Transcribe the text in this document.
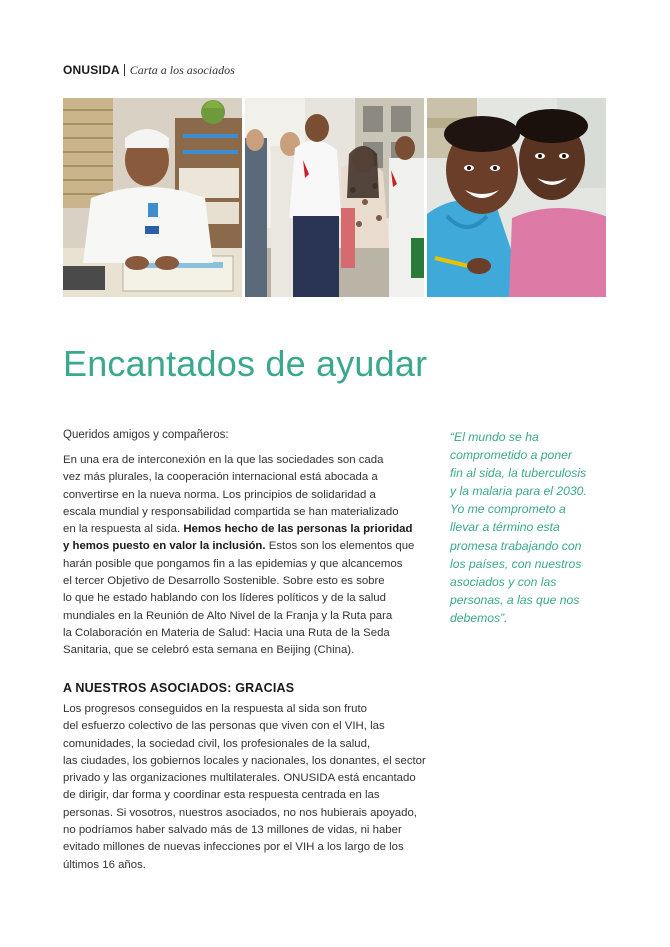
ONUSIDA Carta a los asociados
Encantados de ayudar

Queridos amigos y compañeros:

En una era de interconexión en la que las sociedades son cada
vez más plurales, la cooperación internacional está abocada a
convertirse en la nueva norma. Los principios de solidaridad a
escala mundial y responsabilidad compartida se han materializado
en la respuesta al sida. Hemos hecho de las personas la prioridad
y hemos puesto en valor la inclusión. Estos son los elementos que
harán posible que pongamos fin a las epidemias y que alcancemos
el tercer Objetivo de Desarrollo Sostenible. Sobre esto es sobre
lo que he estado hablando con los líderes políticos y de la salud
mundiales en la Reunión de Alto Nivel de la Franja y la Ruta para
la Colaboración en Materia de Salud: Hacia una Ruta de la Seda
Sanitaria, que se celebró esta semana en Beijing (China).
“El mundo se ha
comprometido a poner
fin al sida, la tuberculosis
y la malaria para el 2030.
Yo me comprometo a
llevar a término esta
promesa trabajando con
los países, con nuestros
asociados y con las
personas, a las que nos
debemos”.
A NUESTROS ASOCIADOS: GRACIAS
Los progresos conseguidos en la respuesta al sida son fruto
del esfuerzo colectivo de las personas que viven con el VIH, las
comunidades, la sociedad civil, los profesionales de la salud,
las ciudades, los gobiernos locales y nacionales, los donantes, el sector
privado y las organizaciones multilaterales. ONUSIDA está encantado
de dirigir, dar forma y coordinar esta respuesta centrada en las
personas. Si vosotros, nuestros asociados, no nos hubierais apoyado,
no podríamos haber salvado más de 13 millones de vidas, ni haber
evitado millones de nuevas infecciones por el VIH a los largo de los
últimos 16 años.
